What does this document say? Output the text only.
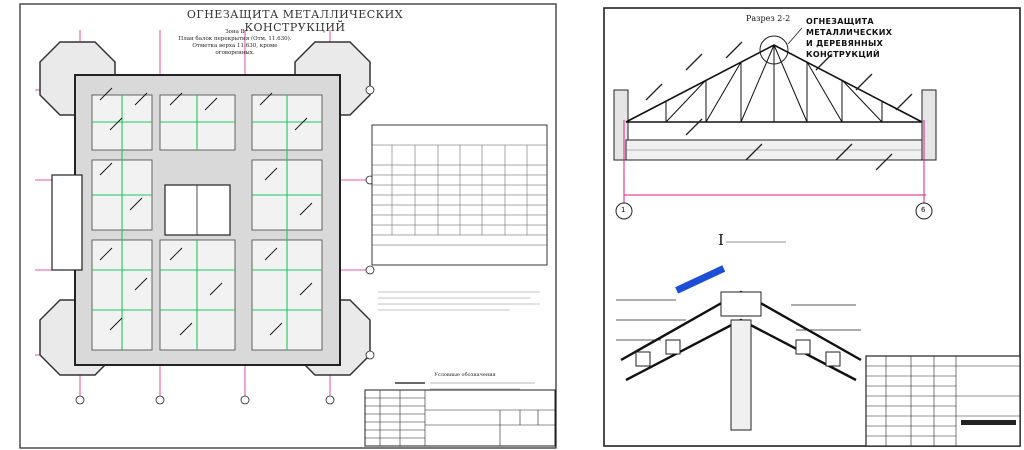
ОГНЕЗАЩИТА МЕТАЛЛИЧЕСКИХ КОНСТРУКЦИЙ
Зона В
План балок перекрытия (Отм. 11.630).
Отметка верха 11.630, кроме оговоренных.
Условные обозначения
Разрез 2-2 ОГНЕЗАЩИТА МЕТАЛЛИЧЕСКИХ
И ДЕРЕВЯННЫХ КОНСТРУКЦИЙ
I
1	6
